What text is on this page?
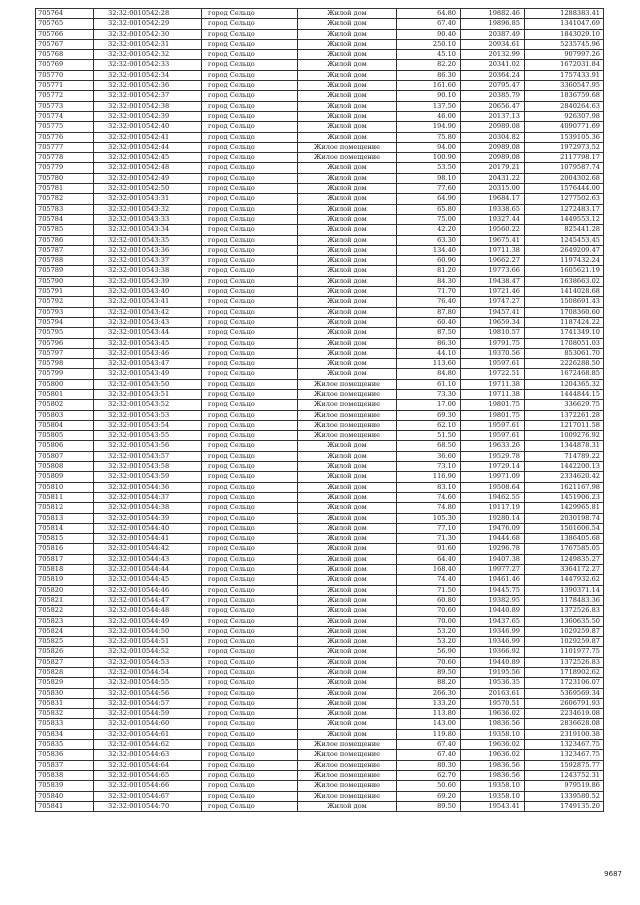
705764	32:32:0010542:28	город Сельцо	Жилой дом	64.80	19882.46	1288383.41
705765	32:32:0010542:29	город Сельцо	Жилой дом	67.40	19896.85	1341047.69
705766	32:32:0010542:30	город Сельцо	Жилой дом	90.40	20387.49	1843029.10
705767	32:32:0010542:31	город Сельцо	Жилой дом	250.10	20934.61	5235745.96
705768	32:32:0010542:32	город Сельцо	Жилой дом	45.10	20132.99	907997.26
705769	32:32:0010542:33	город Сельцо	Жилой дом	82.20	20341.02	1672031.84
705770	32:32:0010542:34	город Сельцо	Жилой дом	86.30	20364.24	1757433.91
705771	32:32:0010542:36	город Сельцо	Жилой дом	161.60	20795.47	3360547.95
705772	32:32:0010542:37	город Сельцо	Жилой дом	90.10	20385.79	1836759.68
705773	32:32:0010542:38	город Сельцо	Жилой дом	137.50	20656.47	2840264.63
705774	32:32:0010542:39	город Сельцо	Жилой дом	46.00	20137.13	926307.98
705775	32:32:0010542:40	город Сельцо	Жилой дом	194.90	20989.08	4090771.69
705776	32:32:0010542:41	город Сельцо	Жилой дом	75.80	20304.82	1539105.36
705777	32:32:0010542:44	город Сельцо	Жилое помещение	94.00	20989.08	1972973.52
705778	32:32:0010542:45	город Сельцо	Жилое помещение	100.90	20989.08	2117798.17
705779	32:32:0010542:48	город Сельцо	Жилой дом	53.50	20179.21	1079587.74
705780	32:32:0010542:49	город Сельцо	Жилой дом	98.10	20431.22	2004302.68
705781	32:32:0010542:50	город Сельцо	Жилой дом	77.60	20315.00	1576444.00
705782	32:32:0010543:31	город Сельцо	Жилой дом	64.90	19684.17	1277502.63
705783	32:32:0010543:32	город Сельцо	Жилой дом	65.80	19338.65	1272483.17
705784	32:32:0010543:33	город Сельцо	Жилой дом	75.00	19327.44	1449553.12
705785	32:32:0010543:34	город Сельцо	Жилой дом	42.20	19560.22	825441.28
705786	32:32:0010543:35	город Сельцо	Жилой дом	63.30	19675.41	1245453.45
705787	32:32:0010543:36	город Сельцо	Жилой дом	134.40	19711.38	2649209.47
705788	32:32:0010543:37	город Сельцо	Жилой дом	60.90	19662.27	1197432.24
705789	32:32:0010543:38	город Сельцо	Жилой дом	81.20	19773.66	1605621.19
705790	32:32:0010543:39	город Сельцо	Жилой дом	84.30	19438.47	1638663.02
705791	32:32:0010543:40	город Сельцо	Жилой дом	71.70	19721.46	1414028.68
705792	32:32:0010543:41	город Сельцо	Жилой дом	76.40	19747.27	1508691.43
705793	32:32:0010543:42	город Сельцо	Жилой дом	87.80	19457.41	1708360.60
705794	32:32:0010543:43	город Сельцо	Жилой дом	60.40	19659.34	1187424.22
705795	32:32:0010543:44	город Сельцо	Жилой дом	87.50	19810.57	1741349.10
705796	32:32:0010543:45	город Сельцо	Жилой дом	86.30	19791.75	1708051.03
705797	32:32:0010543:46	город Сельцо	Жилой дом	44.10	19370.56	853061.70
705798	32:32:0010543:47	город Сельцо	Жилой дом	113.60	19597.61	2226288.50
705799	32:32:0010543:49	город Сельцо	Жилой дом	84.80	19722.51	1672468.85
705800	32:32:0010543:50	город Сельцо	Жилое помещение	61.10	19711.38	1204365.32
705801	32:32:0010543:51	город Сельцо	Жилое помещение	73.30	19711.38	1444844.15
705802	32:32:0010543:52	город Сельцо	Жилое помещение	17.00	19801.75	336629.75
705803	32:32:0010543:53	город Сельцо	Жилое помещение	69.30	19801.75	1372261.28
705804	32:32:0010543:54	город Сельцо	Жилое помещение	62.10	19597.61	1217011.58
705805	32:32:0010543:55	город Сельцо	Жилое помещение	51.50	19597.61	1009276.92
705806	32:32:0010543:56	город Сельцо	Жилой дом	68.50	19633.26	1344878.31
705807	32:32:0010543:57	город Сельцо	Жилой дом	36.60	19529.78	714789.22
705808	32:32:0010543:58	город Сельцо	Жилой дом	73.10	19729.14	1442200.13
705809	32:32:0010543:59	город Сельцо	Жилой дом	116.90	19971.09	2334620.42
705810	32:32:0010544:36	город Сельцо	Жилой дом	83.10	19508.64	1621167.98
705811	32:32:0010544:37	город Сельцо	Жилой дом	74.60	19462.55	1451906.23
705812	32:32:0010544:38	город Сельцо	Жилой дом	74.80	19117.19	1429965.81
705813	32:32:0010544:39	город Сельцо	Жилой дом	105.30	19280.14	2030198.74
705814	32:32:0010544:40	город Сельцо	Жилой дом	77.10	19476.09	1501606.54
705815	32:32:0010544:41	город Сельцо	Жилой дом	71.30	19444.68	1386405.68
705816	32:32:0010544:42	город Сельцо	Жилой дом	91.60	19296.78	1767585.05
705817	32:32:0010544:43	город Сельцо	Жилой дом	64.40	19407.38	1249835.27
705818	32:32:0010544:44	город Сельцо	Жилой дом	168.40	19977.27	3364172.27
705819	32:32:0010544:45	город Сельцо	Жилой дом	74.40	19461.46	1447932.62
705820	32:32:0010544:46	город Сельцо	Жилой дом	71.50	19445.75	1390371.14
705821	32:32:0010544:47	город Сельцо	Жилой дом	60.80	19382.95	1178483.36
705822	32:32:0010544:48	город Сельцо	Жилой дом	70.60	19440.89	1372526.83
705823	32:32:0010544:49	город Сельцо	Жилой дом	70.00	19437.65	1360635.50
705824	32:32:0010544:50	город Сельцо	Жилой дом	53.20	19346.99	1029259.87
705825	32:32:0010544:51	город Сельцо	Жилой дом	53.20	19346.99	1029259.87
705826	32:32:0010544:52	город Сельцо	Жилой дом	56.90	19366.92	1101977.75
705827	32:32:0010544:53	город Сельцо	Жилой дом	70.60	19440.89	1372526.83
705828	32:32:0010544:54	город Сельцо	Жилой дом	89.50	19195.56	1718902.62
705829	32:32:0010544:55	город Сельцо	Жилой дом	88.20	19536.35	1723106.07
705830	32:32:0010544:56	город Сельцо	Жилой дом	266.30	20163.61	5369569.34
705831	32:32:0010544:57	город Сельцо	Жилой дом	133.20	19570.51	2606791.93
705832	32:32:0010544:59	город Сельцо	Жилой дом	113.80	19636.02	2234619.08
705833	32:32:0010544:60	город Сельцо	Жилой дом	143.00	19836.56	2836628.08
705834	32:32:0010544:61	город Сельцо	Жилой дом	119.80	19358.10	2319100.38
705835	32:32:0010544:62	город Сельцо	Жилое помещение	67.40	19636.02	1323467.75
705836	32:32:0010544:63	город Сельцо	Жилое помещение	67.40	19636.02	1323467.75
705837	32:32:0010544:64	город Сельцо	Жилое помещение	80.30	19836.56	1592875.77
705838	32:32:0010544:65	город Сельцо	Жилое помещение	62.70	19836.56	1243752.31
705839	32:32:0010544:66	город Сельцо	Жилое помещение	50.60	19358.10	979519.86
705840	32:32:0010544:67	город Сельцо	Жилое помещение	69.20	19358.10	1339580.52
705841	32:32:0010544:70	город Сельцо	Жилой дом	89.50	19543.41	1749135.20
9687
